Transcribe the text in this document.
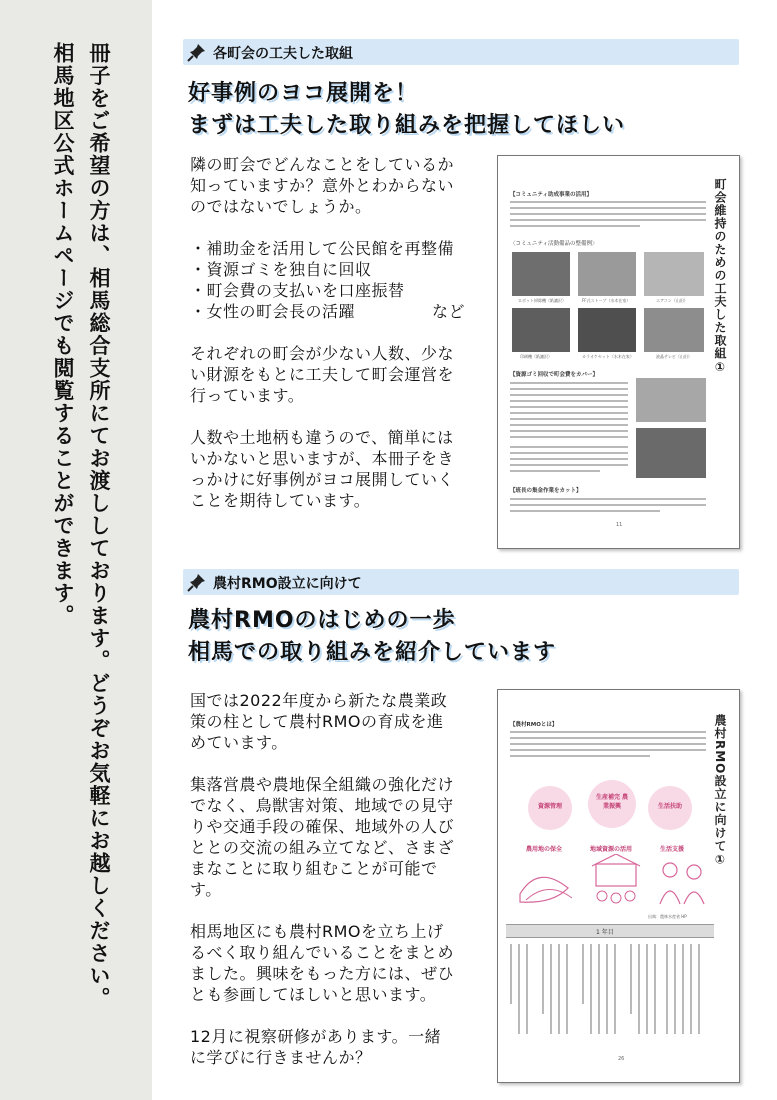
冊子をご希望の方は、相馬総合支所にてお渡ししております。どうぞお気軽にお越しください。
相馬地区公式ホームページでも閲覧することができます。	各町会の工夫した取組
好事例のヨコ展開を！
まずは工夫した取り組みを把握してほしい

隣の町会でどんなことをしているか

知っていますか？意外とわからない

のではないでしょうか。

・補助金を活用して公民館を再整備

・資源ゴミを独自に回収

・町会費の支払いを口座振替

・女性の町会長の活躍	など

それぞれの町会が少ない人数、少な

い財源をもとに工夫して町会運営を

行っています。

人数や土地柄も違うので、簡単には

いかないと思いますが、本冊子をき

っかけに好事例がヨコ展開していく

ことを期待しています。

町会維持のための工夫した取組①
【コミュニティ助成事業の活用】
〈コミュニティ活動備品の整備例〉
ロボット掃除機（紙漉沢）	FF式ストーブ（水木在家）	エアコン（山田）
印刷機（紙漉沢）	カラオケセット（水木在家）	液晶テレビ（山田）
【資源ゴミ回収で町会費をカバー】
【班長の集金作業をカット】
11
農村RMO設立に向けて
農村RMOのはじめの一歩
相馬での取り組みを紹介しています

国では2022年度から新たな農業政

策の柱として農村RMOの育成を進

めています。

集落営農や農地保全組織の強化だけ

でなく、鳥獣害対策、地域での見守

りや交通手段の確保、地域外の人び

ととの交流の組み立てなど、さまざ

まなことに取り組むことが可能で

す。

相馬地区にも農村RMOを立ち上げ

るべく取り組んでいることをまとめ

ました。興味をもった方には、ぜひ

とも参画してほしいと思います。

12月に視察研修があります。一緒

に学びに行きませんか？

農村RMO設立に向けて①
【農村RMOとは】
資源管理
生産補完 農業振興	生活扶助
農用地の保全	地域資源の活用	生活支援
出典：農林水産省 HP
1 年目
26
